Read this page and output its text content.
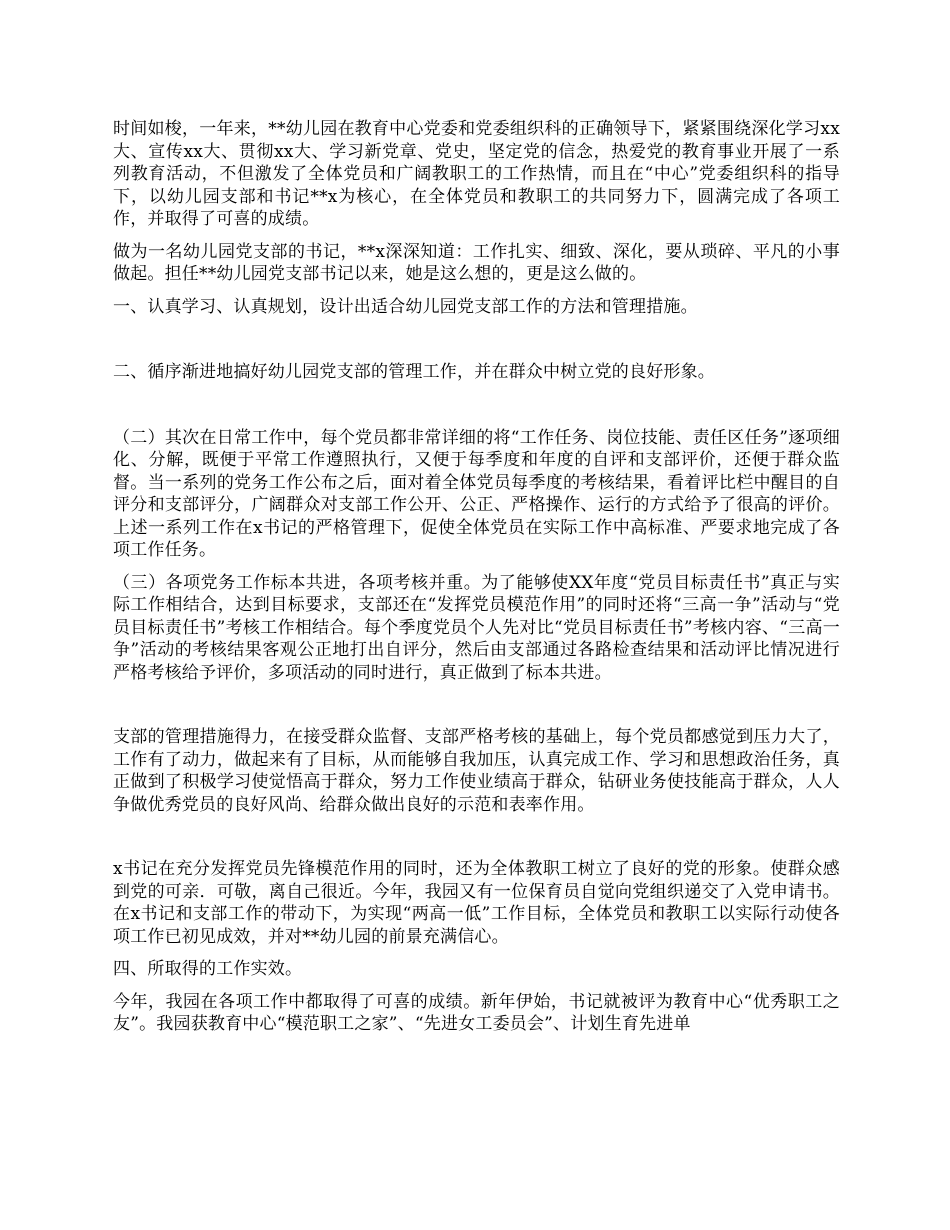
时间如梭，一年来，**幼儿园在教育中心党委和党委组织科的正确领导下，紧紧围绕深化学习xx大、宣传xx大、贯彻xx大、学习新党章、党史，坚定党的信念，热爱党的教育事业开展了一系列教育活动，不但激发了全体党员和广阔教职工的工作热情，而且在“中心”党委组织科的指导下，以幼儿园支部和书记**x为核心，在全体党员和教职工的共同努力下，圆满完成了各项工作，并取得了可喜的成绩。

做为一名幼儿园党支部的书记，**x深深知道：工作扎实、细致、深化，要从琐碎、平凡的小事做起。担任**幼儿园党支部书记以来，她是这么想的，更是这么做的。

一、认真学习、认真规划，设计出适合幼儿园党支部工作的方法和管理措施。

二、循序渐进地搞好幼儿园党支部的管理工作，并在群众中树立党的良好形象。

（二）其次在日常工作中，每个党员都非常详细的将“工作任务、岗位技能、责任区任务”逐项细化、分解，既便于平常工作遵照执行，又便于每季度和年度的自评和支部评价，还便于群众监督。当一系列的党务工作公布之后，面对着全体党员每季度的考核结果，看着评比栏中醒目的自评分和支部评分，广阔群众对支部工作公开、公正、严格操作、运行的方式给予了很高的评价。上述一系列工作在x书记的严格管理下，促使全体党员在实际工作中高标准、严要求地完成了各项工作任务。

（三）各项党务工作标本共进，各项考核并重。为了能够使XX年度“党员目标责任书”真正与实际工作相结合，达到目标要求，支部还在“发挥党员模范作用”的同时还将“三高一争”活动与“党员目标责任书”考核工作相结合。每个季度党员个人先对比“党员目标责任书”考核内容、“三高一争”活动的考核结果客观公正地打出自评分，然后由支部通过各路检查结果和活动评比情况进行严格考核给予评价，多项活动的同时进行，真正做到了标本共进。

支部的管理措施得力，在接受群众监督、支部严格考核的基础上，每个党员都感觉到压力大了，工作有了动力，做起来有了目标，从而能够自我加压，认真完成工作、学习和思想政治任务，真正做到了积极学习使觉悟高于群众，努力工作使业绩高于群众，钻研业务使技能高于群众，人人争做优秀党员的良好风尚、给群众做出良好的示范和表率作用。

x书记在充分发挥党员先锋模范作用的同时，还为全体教职工树立了良好的党的形象。使群众感到党的可亲．可敬，离自己很近。今年，我园又有一位保育员自觉向党组织递交了入党申请书。在x书记和支部工作的带动下，为实现“两高一低”工作目标，全体党员和教职工以实际行动使各项工作已初见成效，并对**幼儿园的前景充满信心。

四、所取得的工作实效。

今年，我园在各项工作中都取得了可喜的成绩。新年伊始，书记就被评为教育中心“优秀职工之友”。我园获教育中心“模范职工之家”、“先进女工委员会”、计划生育先进单
